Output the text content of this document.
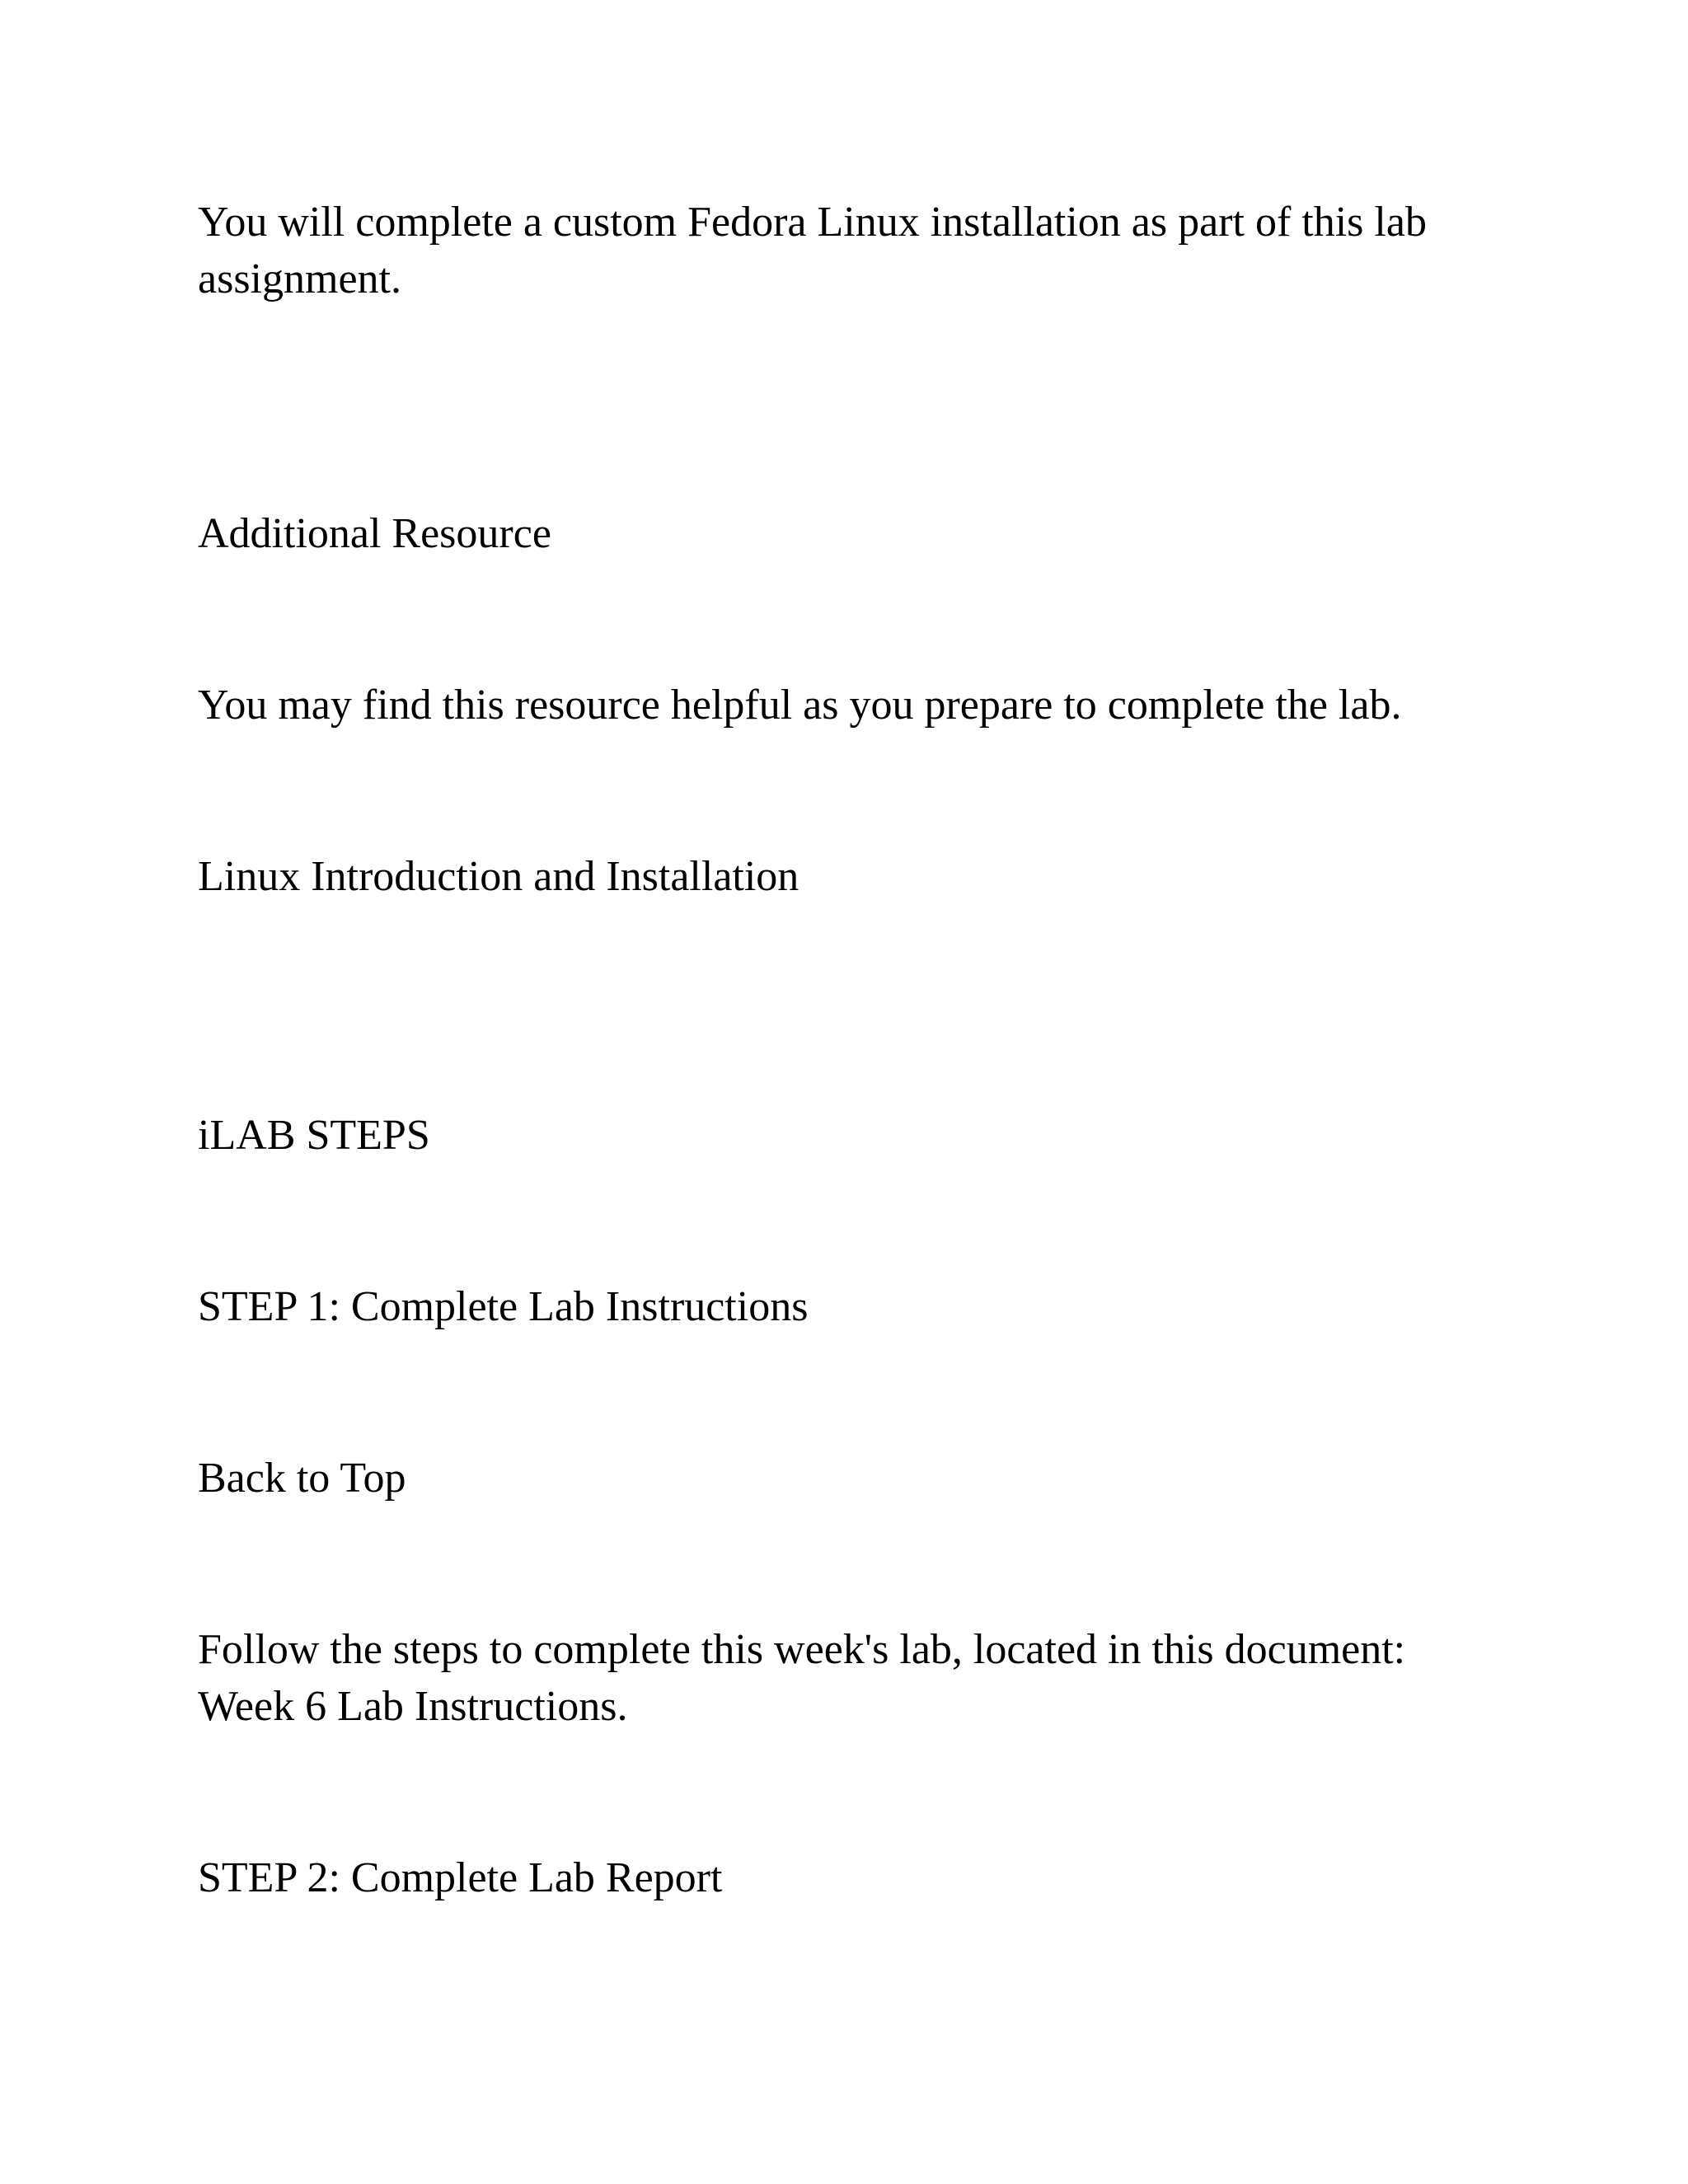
You will complete a custom Fedora Linux installation as part of this lab

assignment.

Additional Resource

You may find this resource helpful as you prepare to complete the lab.

Linux Introduction and Installation

iLAB STEPS

STEP 1: Complete Lab Instructions

Back to Top

Follow the steps to complete this week's lab, located in this document:

Week 6 Lab Instructions.

STEP 2: Complete Lab Report
